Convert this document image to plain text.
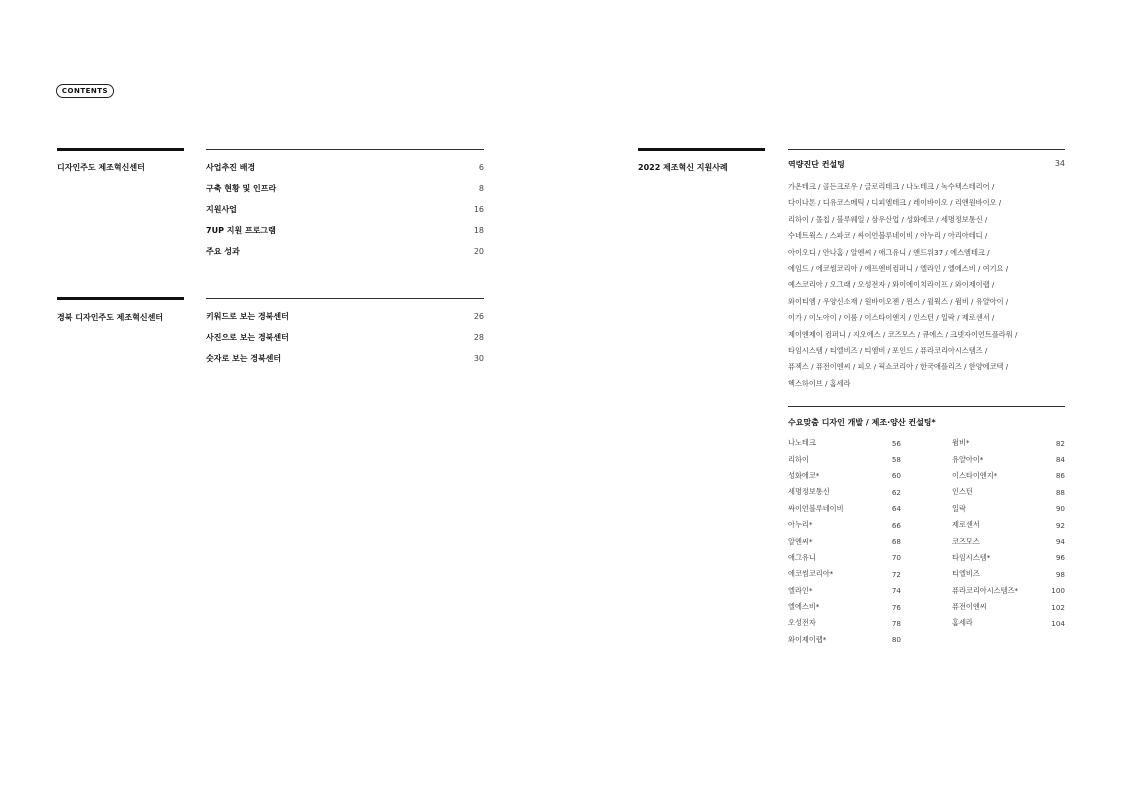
CONTENTS
디자인주도 제조혁신센터	사업추진 배경	6
구축 현황 및 인프라	8
지원사업	16
7UP 지원 프로그램	18
주요 성과	20
경북 디자인주도 제조혁신센터	키워드로 보는 경북센터	26
사진으로 보는 경북센터	28
숫자로 보는 경북센터	30
2022 제조혁신 지원사례	역량진단 컨설팅	34
가온테크 / 골든크로우 / 글로리테크 / 나노테크 / 녹수텍스테리어 /
다이나톤 / 디유코스메틱 / 디피엠테크 / 레이바이오 / 리앤원바이오 /
리하이 / 몰칩 / 블루웨일 / 삼우산업 / 성화에코 / 세명정보통신 /
수네트웍스 / 스파코 / 싸이언블루네이비 / 아누리 / 아리아테디 /
아이오디 / 안나홈 / 알엔씨 / 애그유니 / 앤드위37 / 에스엠테크 /
에임드 / 에코썸코리아 / 에프엔비컴퍼니 / 엘라인 / 엘에스비 / 여기요 /
예스코리아 / 오그래 / 오성전자 / 와이에이치라이프 / 와이제이랩 /
와이티엠 / 우양신소재 / 원바이오젠 / 윈스 / 윌웍스 / 윔비 / 유얄아이 /
이가 / 이노아이 / 이룸 / 이스타이엔지 / 인스턴 / 일락 / 제로센서 /
제이엔제이 컴퍼니 / 지오에스 / 코즈모스 / 큐에스 / 크넷자이언트플라워 /
타임시스템 / 티엘비즈 / 티엠비 / 포인드 / 퓨라코리아시스템즈 /
퓨젝스 / 퓨전이엔씨 / 피오 / 픽쇼코리아 / 한국애플리즈 / 한양에코텍 /
헥스하이브 / 홈세라
수요맞춤 디자인 개발 / 제조·양산 컨설팅*
나노테크	56
리하이	58
성화에코*	60
세명정보통신	62
싸이언블루네이비	64
아누리*	66
알엔씨*	68
애그유니	70
에코썸코리아*	72
엘라인*	74
엘에스비*	76
오성전자	78
와이제이랩*	80
윔비*	82
유얄아이*	84
이스타이엔지*	86
인스턴	88
일락	90
제로센서	92
코즈모스	94
타임시스템*	96
티엘비즈	98
퓨라코리아시스템즈*	100
퓨전이엔씨	102
홈세라	104
